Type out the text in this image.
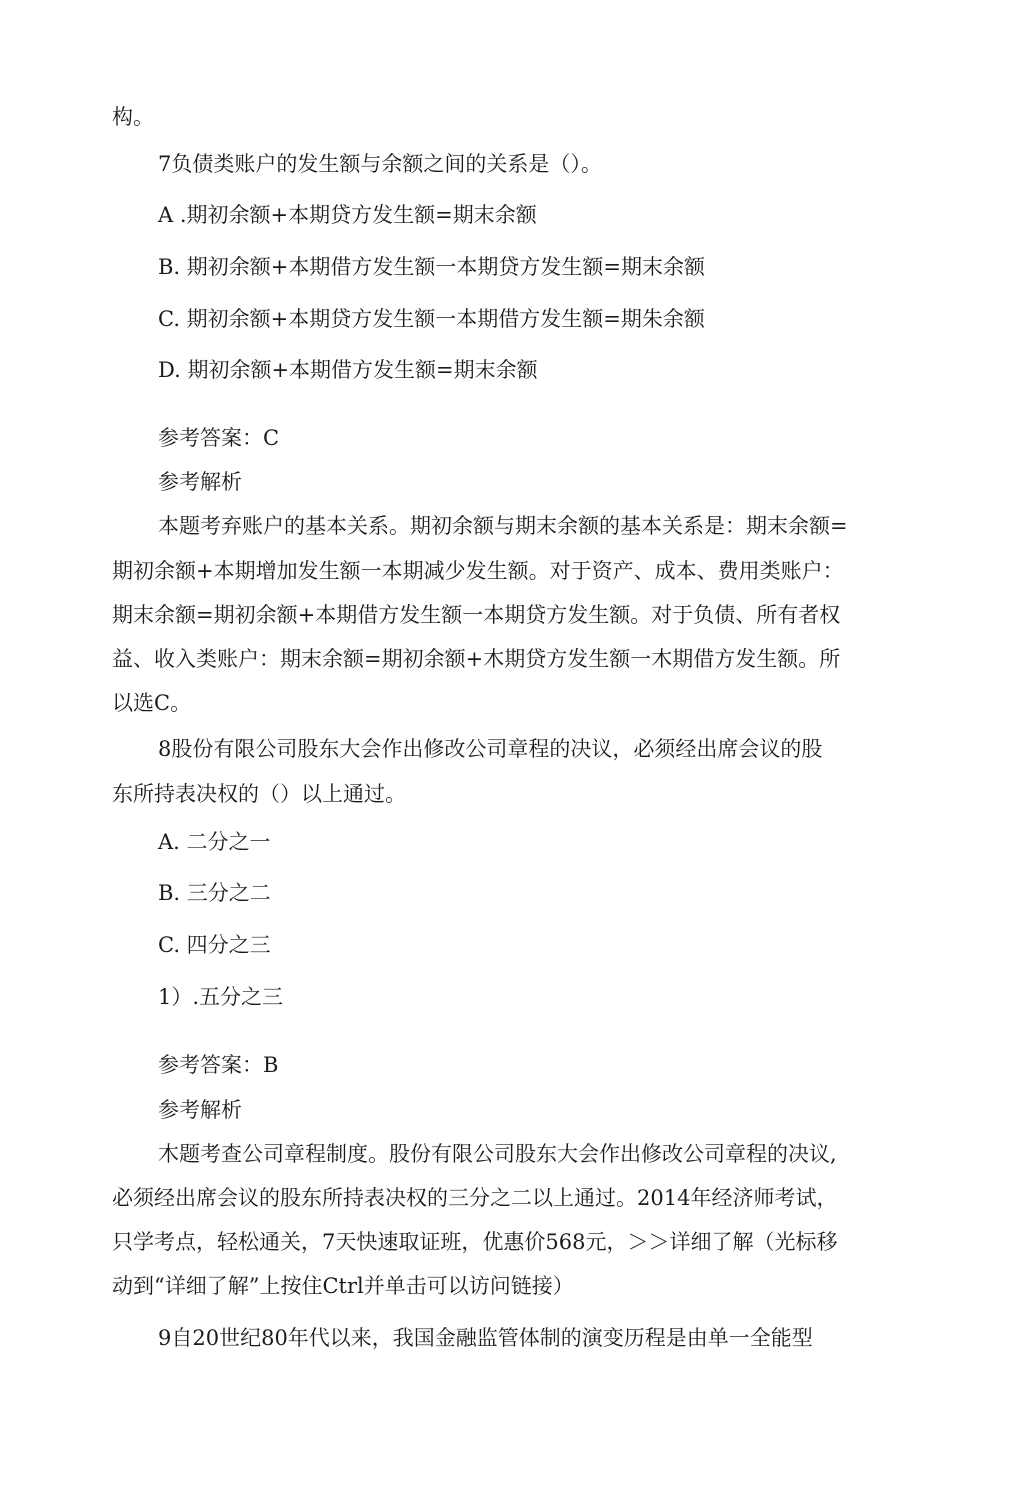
构。
7负债类账户的发生额与余额之间的关系是（）。
A .期初余额+本期贷方发生额=期末余额
B. 期初余额+本期借方发生额一本期贷方发生额=期末余额
C. 期初余额+本期贷方发生额一本期借方发生额=期朱余额
D. 期初余额+本期借方发生额=期末余额
参考答案：C
参考解析
本题考弃账户的基本关系。期初余额与期末余额的基本关系是：期末余额=
期初余额+本期增加发生额一本期减少发生额。对于资产、成本、费用类账户：
期末余额=期初余额+本期借方发生额一本期贷方发生额。对于负债、所有者权
益、收入类账户：期末余额=期初余额+木期贷方发生额一木期借方发生额。所
以选C。
8股份有限公司股东大会作出修改公司章程的决议，必须经出席会议的股
东所持表决权的（）以上通过。
A. 二分之一
B. 三分之二
C. 四分之三
1）.五分之三
参考答案：B
参考解析
木题考查公司章程制度。股份有限公司股东大会作出修改公司章程的决议,
必须经出席会议的股东所持表决权的三分之二以上通过。2014年经济师考试，
只学考点，轻松通关，7天快速取证班，优惠价568元，＞＞详细了解（光标移
动到“详细了解”上按住Ctrl并单击可以访问链接）
9自20世纪80年代以来，我国金融监管体制的演变历程是由单一全能型
